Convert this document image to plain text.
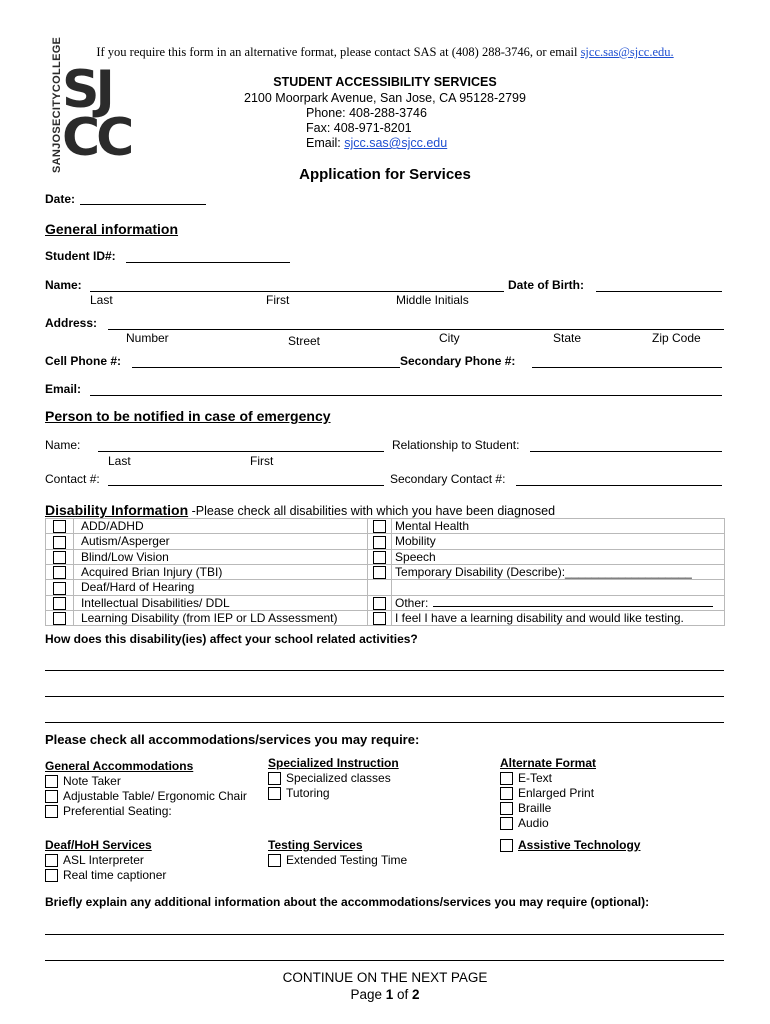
If you require this form in an alternative format, please contact SAS at (408) 288-3746, or email sjcc.sas@sjcc.edu.
SANJOSECITYCOLLEGE SJ
CC
STUDENT ACCESSIBILITY SERVICES
2100 Moorpark Avenue, San Jose, CA 95128-2799
Phone: 408-288-3746
Fax: 408-971-8201
Email: sjcc.sas@sjcc.edu
Application for Services
Date:
General information
Student ID#:
Name:	Date of Birth:
Last	First	Middle Initials
Address:
Number	Street	City	State	Zip Code
Cell Phone #:	Secondary Phone #:
Email:
Person to be notified in case of emergency
Name:	Relationship to Student:
Last	First
Contact #:	Secondary Contact #:
Disability Information -Please check all disabilities with which you have been diagnosed
	ADD/ADHD		Mental Health
	Autism/Asperger		Mobility
	Blind/Low Vision		Speech
	Acquired Brian Injury (TBI)		Temporary Disability (Describe):___________________
	Deaf/Hard of Hearing		
	Intellectual Disabilities/ DDL		Other:
	Learning Disability (from IEP or LD Assessment)		I feel I have a learning disability and would like testing.
How does this disability(ies) affect your school related activities?
Please check all accommodations/services you may require:
General Accommodations
Note Taker
Adjustable Table/ Ergonomic Chair
Preferential Seating:
Specialized Instruction
Specialized classes
Tutoring
Alternate Format
E-Text
Enlarged Print
Braille
Audio
Deaf/HoH Services
ASL Interpreter
Real time captioner
Testing Services
Extended Testing Time
Assistive Technology
Briefly explain any additional information about the accommodations/services you may require (optional):
CONTINUE ON THE NEXT PAGE
Page 1 of 2
